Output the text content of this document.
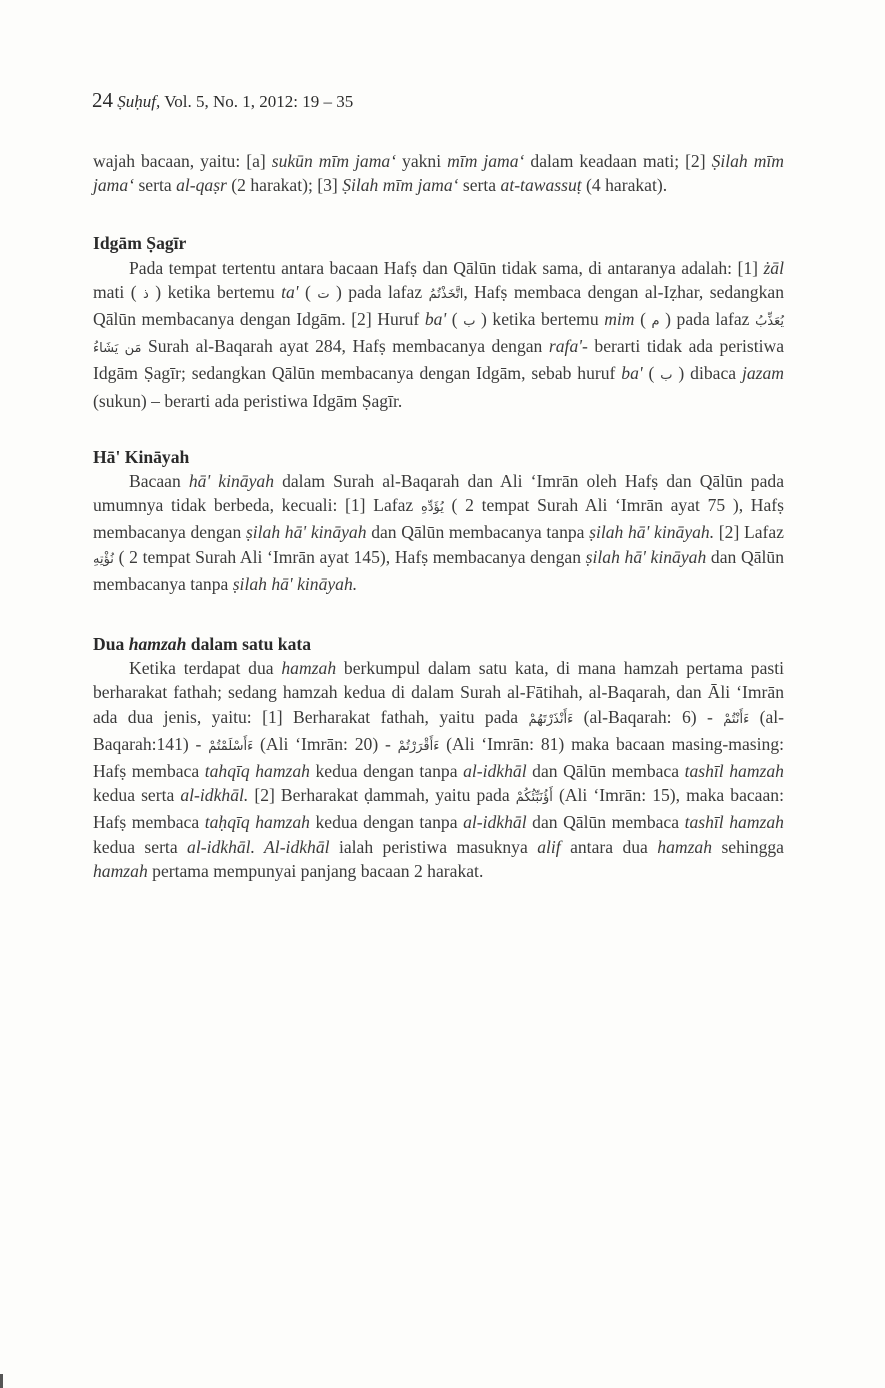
24 Ṣuḥuf, Vol. 5, No. 1, 2012: 19 – 35

wajah bacaan, yaitu: [a] sukūn mīm jama‘ yakni mīm jama‘ dalam keadaan mati; [2] Ṣilah mīm jama‘ serta al-qaṣr (2 harakat); [3] Ṣilah mīm jama‘ serta at-tawassuṭ (4 harakat).

Idgām Ṣagīr

Pada tempat tertentu antara bacaan Hafṣ dan Qālūn tidak sama, di antaranya adalah: [1] żāl mati ( ذ ) ketika bertemu ta' ( ت ) pada lafaz اتَّخَذْتُمُ, Hafṣ membaca dengan al-Iẓhar, sedangkan Qālūn membacanya dengan Idgām. [2] Huruf ba' ( ب ) ketika bertemu mim ( م ) pada lafaz يُعَذِّبُ مَن يَشَاءُ Surah al-Baqarah ayat 284, Hafṣ membacanya dengan rafa'- berarti tidak ada peristiwa Idgām Ṣagīr; sedangkan Qālūn membacanya dengan Idgām, sebab huruf ba' ( ب ) dibaca jazam (sukun) – berarti ada peristiwa Idgām Ṣagīr.

Hā' Kināyah

Bacaan hā' kināyah dalam Surah al-Baqarah dan Ali ‘Imrān oleh Hafṣ dan Qālūn pada umumnya tidak berbeda, kecuali: [1] Lafaz يُؤَدِّهِ ( 2 tempat Surah Ali ‘Imrān ayat 75 ), Hafṣ membacanya dengan ṣilah hā' kināyah dan Qālūn membacanya tanpa ṣilah hā' kināyah. [2] Lafaz نُؤْتِهِ ( 2 tempat Surah Ali ‘Imrān ayat 145), Hafṣ membacanya dengan ṣilah hā' kināyah dan Qālūn membacanya tanpa ṣilah hā' kināyah.

Dua hamzah dalam satu kata

Ketika terdapat dua hamzah berkumpul dalam satu kata, di mana hamzah pertama pasti berharakat fathah; sedang hamzah kedua di dalam Surah al-Fātihah, al-Baqarah, dan Āli ‘Imrān ada dua jenis, yaitu: [1] Berharakat fathah, yaitu pada ءَأَنْذَرْتَهُمْ (al-Baqarah: 6) - ءَأَنْتُمْ (al-Baqarah:141) - ءَأَسْلَمْتُمْ (Ali ‘Imrān: 20) - ءَأَقْرَرْتُمْ (Ali ‘Imrān: 81) maka bacaan masing-masing: Hafṣ membaca tahqīq hamzah kedua dengan tanpa al-idkhāl dan Qālūn membaca tashīl hamzah kedua serta al-idkhāl. [2] Berharakat ḍammah, yaitu pada أَؤُنَبِّئُكُمْ (Ali ‘Imrān: 15), maka bacaan: Hafṣ membaca taḥqīq hamzah kedua dengan tanpa al-idkhāl dan Qālūn membaca tashīl hamzah kedua serta al-idkhāl. Al-idkhāl ialah peristiwa masuknya alif antara dua hamzah sehingga hamzah pertama mempunyai panjang bacaan 2 harakat.
